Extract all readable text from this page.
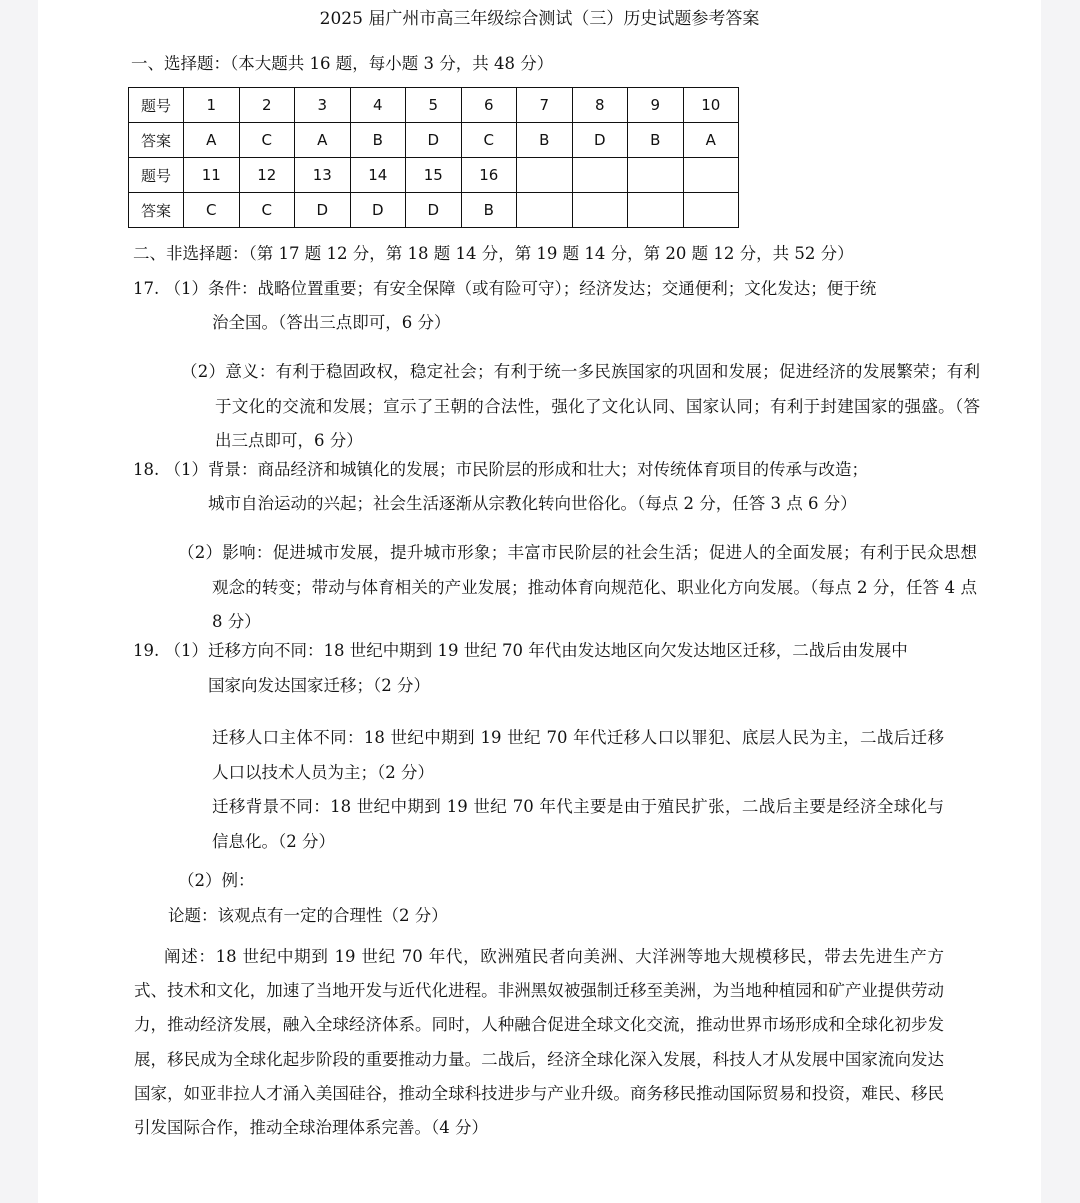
2025 届广州市高三年级综合测试（三）历史试题参考答案
一、选择题：（本大题共 16 题，每小题 3 分，共 48 分）
题号	1	2	3	4	5	6	7	8	9	10
答案	A	C	A	B	D	C	B	D	B	A
题号	11	12	13	14	15	16				
答案	C	C	D	D	D	B				
二、非选择题：（第 17 题 12 分，第 18 题 14 分，第 19 题 14 分，第 20 题 12 分，共 52 分）
17. （1）条件：战略位置重要；有安全保障（或有险可守）；经济发达；交通便利；文化发达；便于统
治全国。（答出三点即可，6 分）
（2）意义：有利于稳固政权，稳定社会；有利于统一多民族国家的巩固和发展；促进经济的发展繁荣；有利于文化的交流和发展；宣示了王朝的合法性，强化了文化认同、国家认同；有利于封建国家的强盛。（答出三点即可，6 分）
18. （1）背景：商品经济和城镇化的发展；市民阶层的形成和壮大；对传统体育项目的传承与改造；
城市自治运动的兴起；社会生活逐渐从宗教化转向世俗化。（每点 2 分，任答 3 点 6 分）
（2）影响：促进城市发展，提升城市形象；丰富市民阶层的社会生活；促进人的全面发展；有利于民众思想观念的转变；带动与体育相关的产业发展；推动体育向规范化、职业化方向发展。（每点 2 分，任答 4 点 8 分）
19. （1）迁移方向不同：18 世纪中期到 19 世纪 70 年代由发达地区向欠发达地区迁移，二战后由发展中
国家向发达国家迁移；（2 分）
迁移人口主体不同：18 世纪中期到 19 世纪 70 年代迁移人口以罪犯、底层人民为主，二战后迁移人口以技术人员为主；（2 分）
迁移背景不同：18 世纪中期到 19 世纪 70 年代主要是由于殖民扩张，二战后主要是经济全球化与信息化。（2 分）
（2）例：
论题：该观点有一定的合理性（2 分）
阐述：18 世纪中期到 19 世纪 70 年代，欧洲殖民者向美洲、大洋洲等地大规模移民，带去先进生产方式、技术和文化，加速了当地开发与近代化进程。非洲黑奴被强制迁移至美洲，为当地种植园和矿产业提供劳动力，推动经济发展，融入全球经济体系。同时，人种融合促进全球文化交流，推动世界市场形成和全球化初步发展，移民成为全球化起步阶段的重要推动力量。二战后，经济全球化深入发展，科技人才从发展中国家流向发达国家，如亚非拉人才涌入美国硅谷，推动全球科技进步与产业升级。商务移民推动国际贸易和投资，难民、移民引发国际合作，推动全球治理体系完善。（4 分）
